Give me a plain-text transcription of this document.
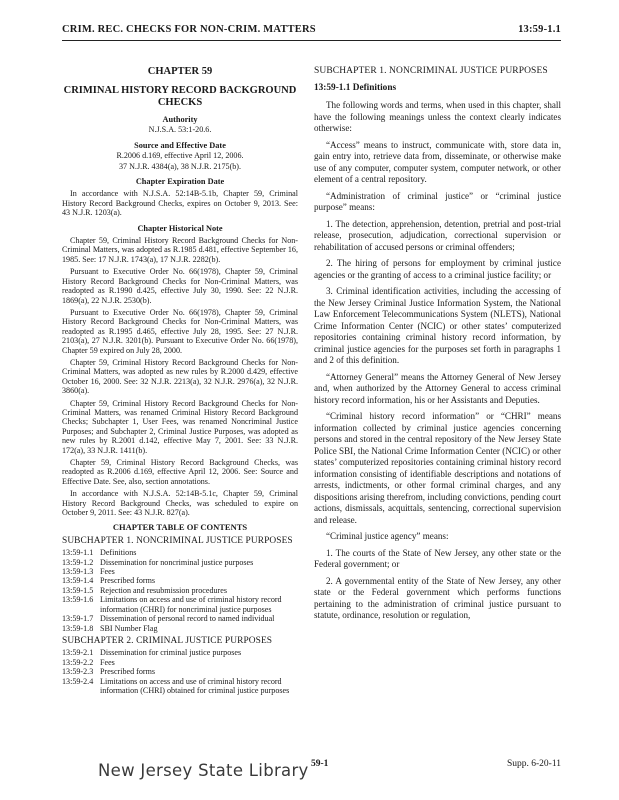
CRIM. REC. CHECKS FOR NON-CRIM. MATTERS	13:59-1.1
CHAPTER 59
CRIMINAL HISTORY RECORD BACKGROUND CHECKS
Authority
N.J.S.A. 53:1-20.6.
Source and Effective Date
R.2006 d.169, effective April 12, 2006.
37 N.J.R. 4384(a), 38 N.J.R. 2175(b).
Chapter Expiration Date

In accordance with N.J.S.A. 52:14B-5.1b, Chapter 59, Criminal History Record Background Checks, expires on October 9, 2013. See: 43 N.J.R. 1203(a).

Chapter Historical Note

Chapter 59, Criminal History Record Background Checks for Non-Criminal Matters, was adopted as R.1985 d.481, effective September 16, 1985. See: 17 N.J.R. 1743(a), 17 N.J.R. 2282(b).

Pursuant to Executive Order No. 66(1978), Chapter 59, Criminal History Record Background Checks for Non-Criminal Matters, was readopted as R.1990 d.425, effective July 30, 1990. See: 22 N.J.R. 1869(a), 22 N.J.R. 2530(b).

Pursuant to Executive Order No. 66(1978), Chapter 59, Criminal History Record Background Checks for Non-Criminal Matters, was readopted as R.1995 d.465, effective July 28, 1995. See: 27 N.J.R. 2103(a), 27 N.J.R. 3201(b). Pursuant to Executive Order No. 66(1978), Chapter 59 expired on July 28, 2000.

Chapter 59, Criminal History Record Background Checks for Non-Criminal Matters, was adopted as new rules by R.2000 d.429, effective October 16, 2000. See: 32 N.J.R. 2213(a), 32 N.J.R. 2976(a), 32 N.J.R. 3860(a).

Chapter 59, Criminal History Record Background Checks for Non-Criminal Matters, was renamed Criminal History Record Background Checks; Subchapter 1, User Fees, was renamed Noncriminal Justice Purposes; and Subchapter 2, Criminal Justice Purposes, was adopted as new rules by R.2001 d.142, effective May 7, 2001. See: 33 N.J.R. 172(a), 33 N.J.R. 1411(b).

Chapter 59, Criminal History Record Background Checks, was readopted as R.2006 d.169, effective April 12, 2006. See: Source and Effective Date. See, also, section annotations.

In accordance with N.J.S.A. 52:14B-5.1c, Chapter 59, Criminal History Record Background Checks, was scheduled to expire on October 9, 2011. See: 43 N.J.R. 827(a).

CHAPTER TABLE OF CONTENTS
SUBCHAPTER 1. NONCRIMINAL JUSTICE PURPOSES
13:59-1.1 Definitions
13:59-1.2 Dissemination for noncriminal justice purposes
13:59-1.3 Fees
13:59-1.4 Prescribed forms
13:59-1.5 Rejection and resubmission procedures
13:59-1.6 Limitations on access and use of criminal history record information (CHRI) for noncriminal justice purposes
13:59-1.7 Dissemination of personal record to named individual
13:59-1.8 SBI Number Flag
SUBCHAPTER 2. CRIMINAL JUSTICE PURPOSES
13:59-2.1 Dissemination for criminal justice purposes
13:59-2.2 Fees
13:59-2.3 Prescribed forms
13:59-2.4 Limitations on access and use of criminal history record information (CHRI) obtained for criminal justice purposes
SUBCHAPTER 1. NONCRIMINAL JUSTICE PURPOSES
13:59-1.1 Definitions

The following words and terms, when used in this chapter, shall have the following meanings unless the context clearly indicates otherwise:

“Access” means to instruct, communicate with, store data in, gain entry into, retrieve data from, disseminate, or otherwise make use of any computer, computer system, computer network, or other element of a central repository.

“Administration of criminal justice” or “criminal justice purpose” means:

1. The detection, apprehension, detention, pretrial and post-trial release, prosecution, adjudication, correctional supervision or rehabilitation of accused persons or criminal offenders;

2. The hiring of persons for employment by criminal justice agencies or the granting of access to a criminal justice facility; or

3. Criminal identification activities, including the accessing of the New Jersey Criminal Justice Information System, the National Law Enforcement Telecommunications System (NLETS), National Crime Information Center (NCIC) or other states’ computerized repositories containing criminal history record information, by criminal justice agencies for the purposes set forth in paragraphs 1 and 2 of this definition.

“Attorney General” means the Attorney General of New Jersey and, when authorized by the Attorney General to access criminal history record information, his or her Assistants and Deputies.

“Criminal history record information” or “CHRI” means information collected by criminal justice agencies concerning persons and stored in the central repository of the New Jersey State Police SBI, the National Crime Information Center (NCIC) or other states’ computerized repositories containing criminal history record information consisting of identifiable descriptions and notations of arrests, indictments, or other formal criminal charges, and any dispositions arising therefrom, including convictions, pending court actions, dismissals, acquittals, sentencing, correctional supervision and release.

“Criminal justice agency” means:

1. The courts of the State of New Jersey, any other state or the Federal government; or

2. A governmental entity of the State of New Jersey, any other state or the Federal government which performs functions pertaining to the administration of criminal justice pursuant to statute, ordinance, resolution or regulation,

New Jersey State Library 59-1	Supp. 6-20-11
